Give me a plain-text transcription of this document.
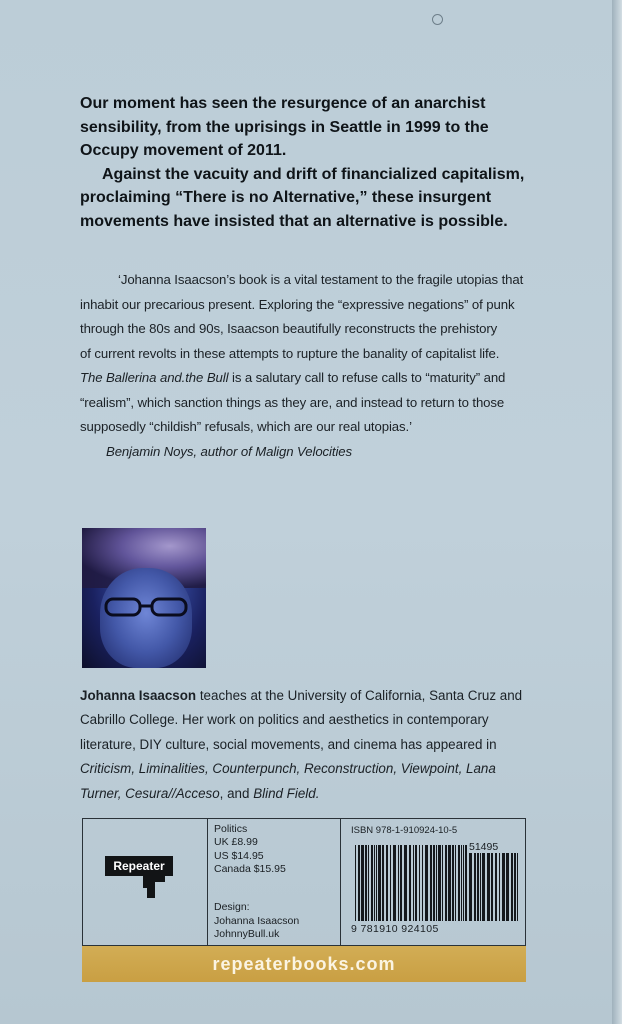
Our moment has seen the resurgence of an anarchist sensibility, from the uprisings in Seattle in 1999 to the Occupy movement of 2011.

Against the vacuity and drift of financialized capitalism, proclaiming “There is no Alternative,” these insurgent movements have insisted that an alternative is possible.

‘Johanna Isaacson’s book is a vital testament to the fragile utopias that

inhabit our precarious present. Exploring the “expressive negations” of punk

through the 80s and 90s, Isaacson beautifully reconstructs the prehistory

of current revolts in these attempts to rupture the banality of capitalist life.

The Ballerina and.the Bull is a salutary call to refuse calls to “maturity” and

“realism”, which sanction things as they are, and instead to return to those

supposedly “childish” refusals, which are our real utopias.’

Benjamin Noys, author of Malign Velocities

Johanna Isaacson teaches at the University of California, Santa Cruz and Cabrillo College. Her work on politics and aesthetics in contemporary literature, DIY culture, social movements, and cinema has appeared in Criticism, Liminalities, Counterpunch, Reconstruction, Viewpoint, Lana Turner, Cesura//Acceso, and Blind Field.
Repeater
Politics
UK £8.99
US $14.95
Canada $15.95
Design:
Johanna Isaacson
JohnnyBull.uk
ISBN 978-1-910924-10-5
51495
9 781910 924105
repeaterbooks.com
